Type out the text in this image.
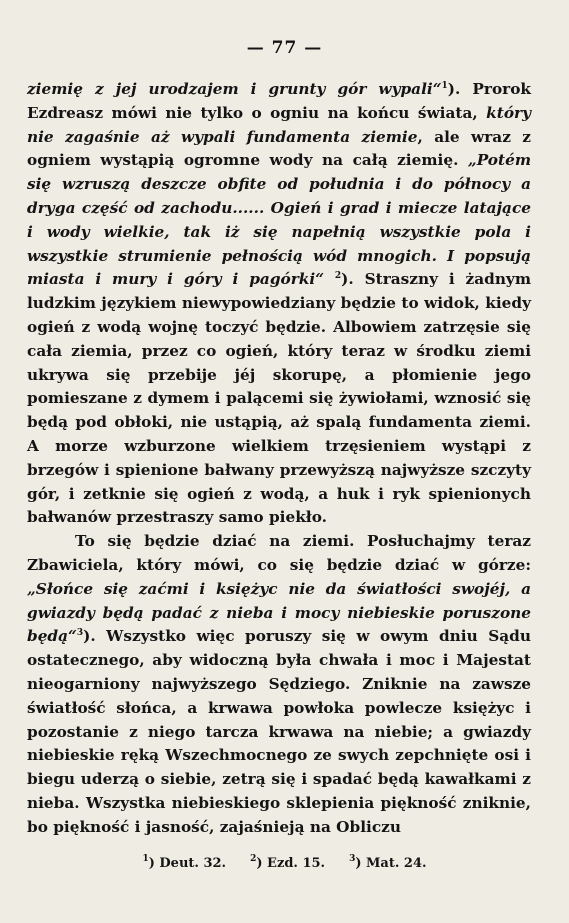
— 77 —

ziemię z jej urodzajem i grunty gór wypali“$^1$). Prorok Ezdreasz mówi nie tylko o ogniu na końcu świata, który nie zagaśnie aż wypali fundamenta ziemie, ale wraz z ogniem wystąpią ogromne wody na całą ziemię. „Potém się wzruszą deszcze obfite od południa i do północy a drуga część od zachodu...... Ogień i grad i miecze latające i wody wielkie, tak iż się napełnią wszystkie pola i wszystkie strumienie pełnością wód mnogich. I popsują miasta i mury i góry i pagórki“ $^2$). Straszny i żadnym ludzkim językiem niewypowiedziany będzie to widok, kiedy ogień z wodą wojnę toczyć będzie. Albowiem zatrzęsie się cała ziemia, przez co ogień, który teraz w środku ziemi ukrywa się przebije jéj skorupę, a płomienie jego pomieszane z dymem i palącemi się żywiołami, wznosić się będą pod obłoki, nie ustąpią, aż spalą fundamenta ziemi. A morze wzburzone wielkiem trzęsieniem wystąpi z brzegów i spienione bałwany przewyższą najwyższe szczyty gór, i zetknie się ogień z wodą, a huk i ryk spienionych bałwanów przestraszy samo piekło.

To się będzie dziać na ziemi. Posłuchajmy teraz Zbawiciela, który mówi, co się będzie dziać w górze: „Słońce się zaćmi i księżyc nie da światłości swojéj, a gwiazdy będą padać z nieba i mocy niebieskie poruszone będą“$^3$). Wszystko więc poruszy się w owym dniu Sądu ostatecznego, aby widoczną była chwała i moc i Majestat nieogarniony najwyższego Sędziego. Zniknie na zawsze światłość słońca, a krwawa powłoka powlecze księżyc i pozostanie z niego tarcza krwawa na niebie; a gwiazdy niebieskie ręką Wszechmocnego ze swych zepchnięte osi i biegu uderzą o siebie, zetrą się i spadać będą kawałkami z nieba. Wszystka niebieskiego sklepienia piękność zniknie, bo piękność i jasność, zajaśnieją na Obliczu

$^1$) Deut. 32.	$^2$) Ezd. 15.	$^3$) Mat. 24.
